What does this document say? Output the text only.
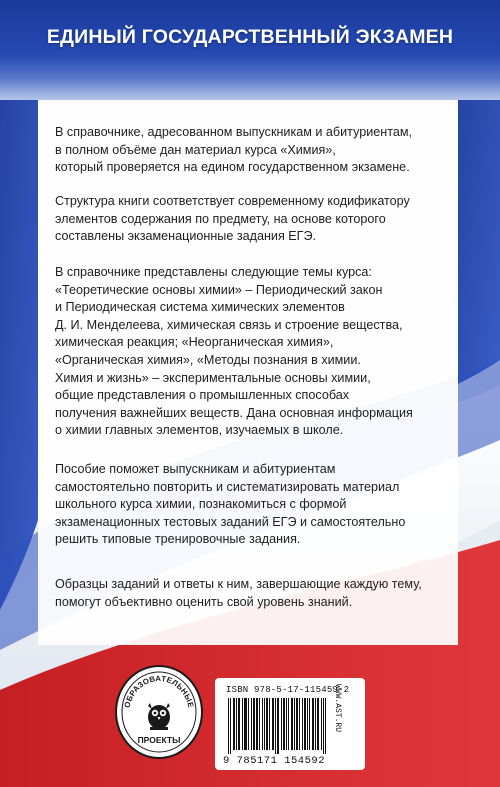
ЕДИНЫЙ ГОСУДАРСТВЕННЫЙ ЭКЗАМЕН
В справочнике, адресованном выпускникам и абитуриентам,
в полном объёме дан материал курса «Химия»,
который проверяется на едином государственном экзамене.
Структура книги соответствует современному кодификатору
элементов содержания по предмету, на основе которого
составлены экзаменационные задания ЕГЭ.
В справочнике представлены следующие темы курса:
«Теоретические основы химии» – Периодический закон
и Периодическая система химических элементов
Д. И. Менделеева, химическая связь и строение вещества,
химическая реакция; «Неорганическая химия»,
«Органическая химия», «Методы познания в химии.
Химия и жизнь» – экспериментальные основы химии,
общие представления о промышленных способах
получения важнейших веществ. Дана основная информация
о химии главных элементов, изучаемых в школе.
Пособие поможет выпускникам и абитуриентам
самостоятельно повторить и систематизировать материал
школьного курса химии, познакомиться с формой
экзаменационных тестовых заданий ЕГЭ и самостоятельно
решить типовые тренировочные задания.
Образцы заданий и ответы к ним, завершающие каждую тему,
помогут объективно оценить свой уровень знаний.
ОБРАЗОВАТЕЛЬНЫЕ
ПРОЕКТЫ
ISBN 978-5-17-115459-2
9 785171 154592
WWW.AST.RU
